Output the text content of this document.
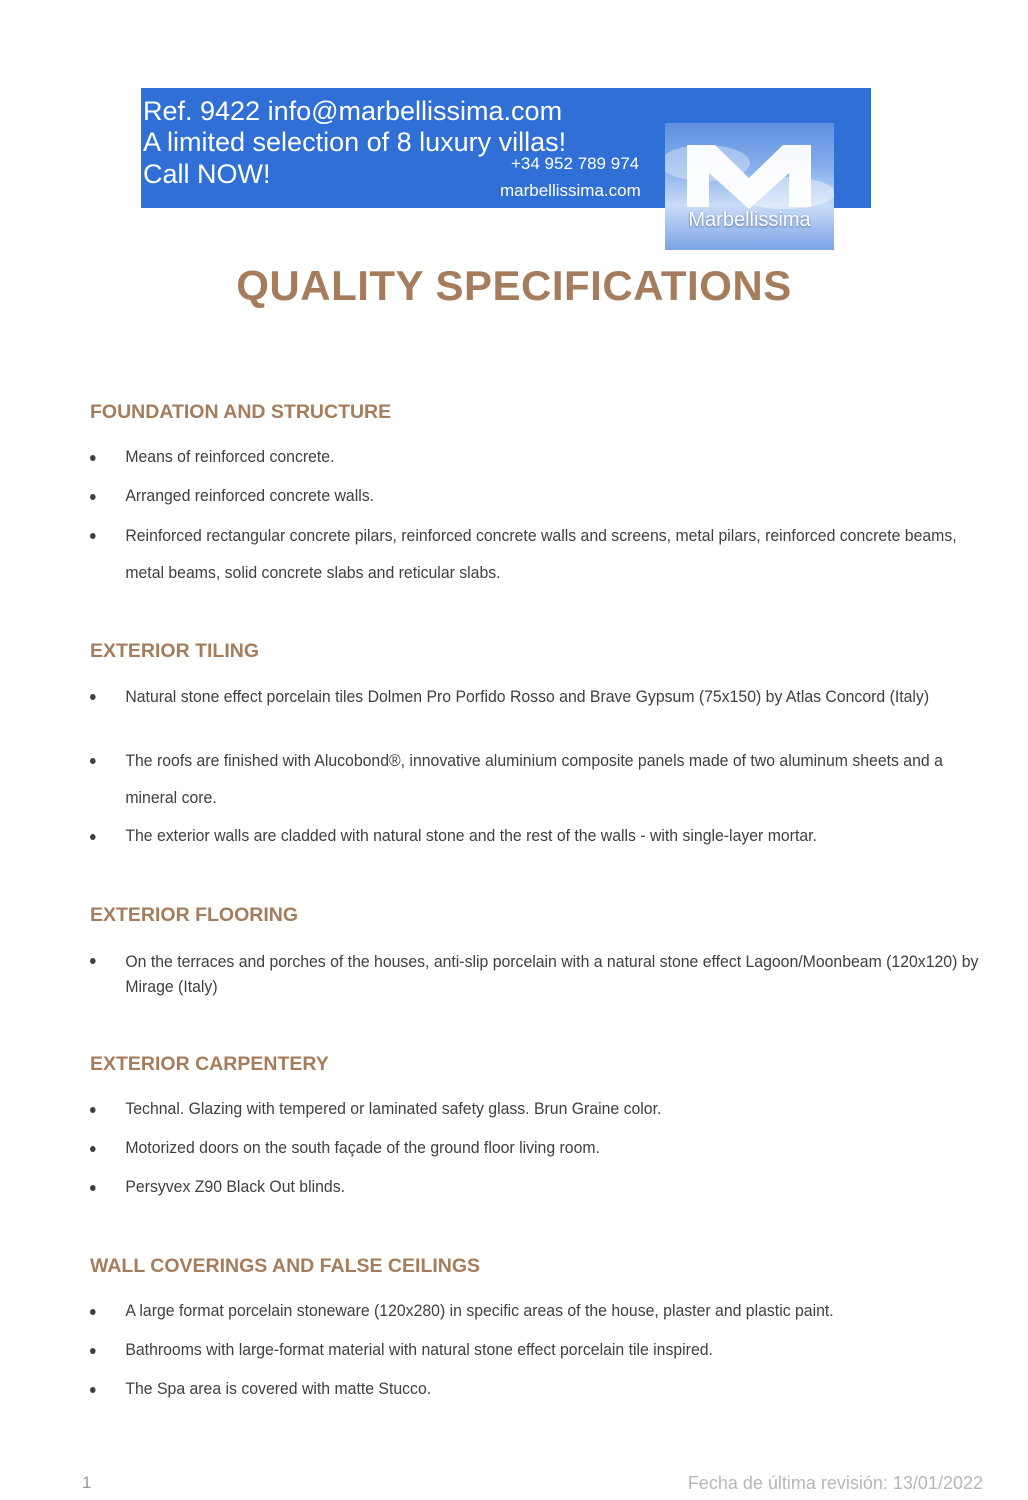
Ref. 9422 info@marbellissima.com
A limited selection of 8 luxury villas!
Call NOW!	+34 952 789 974
marbellissima.com
Marbellissima
QUALITY SPECIFICATIONS
FOUNDATION AND STRUCTURE
Means of reinforced concrete.
Arranged reinforced concrete walls.
Reinforced rectangular concrete pilars, reinforced concrete walls and screens, metal pilars, reinforced concrete beams, metal beams, solid concrete slabs and reticular slabs.
EXTERIOR TILING
Natural stone effect porcelain tiles Dolmen Pro Porfido Rosso and Brave Gypsum (75x150) by Atlas Concord (Italy)
The roofs are finished with Alucobond®, innovative aluminium composite panels made of two aluminum sheets and a mineral core.
The exterior walls are cladded with natural stone and the rest of the walls - with single-layer mortar.
EXTERIOR FLOORING
On the terraces and porches of the houses, anti-slip porcelain with a natural stone effect Lagoon/Moonbeam (120x120) by Mirage (Italy)
EXTERIOR CARPENTERY
Technal. Glazing with tempered or laminated safety glass. Brun Graine color.
Motorized doors on the south façade of the ground floor living room.
Persyvex Z90 Black Out blinds.
WALL COVERINGS AND FALSE CEILINGS
A large format porcelain stoneware (120x280) in specific areas of the house, plaster and plastic paint.
Bathrooms with large-format material with natural stone effect porcelain tile inspired.
The Spa area is covered with matte Stucco.
1	Fecha de última revisión: 13/01/2022
